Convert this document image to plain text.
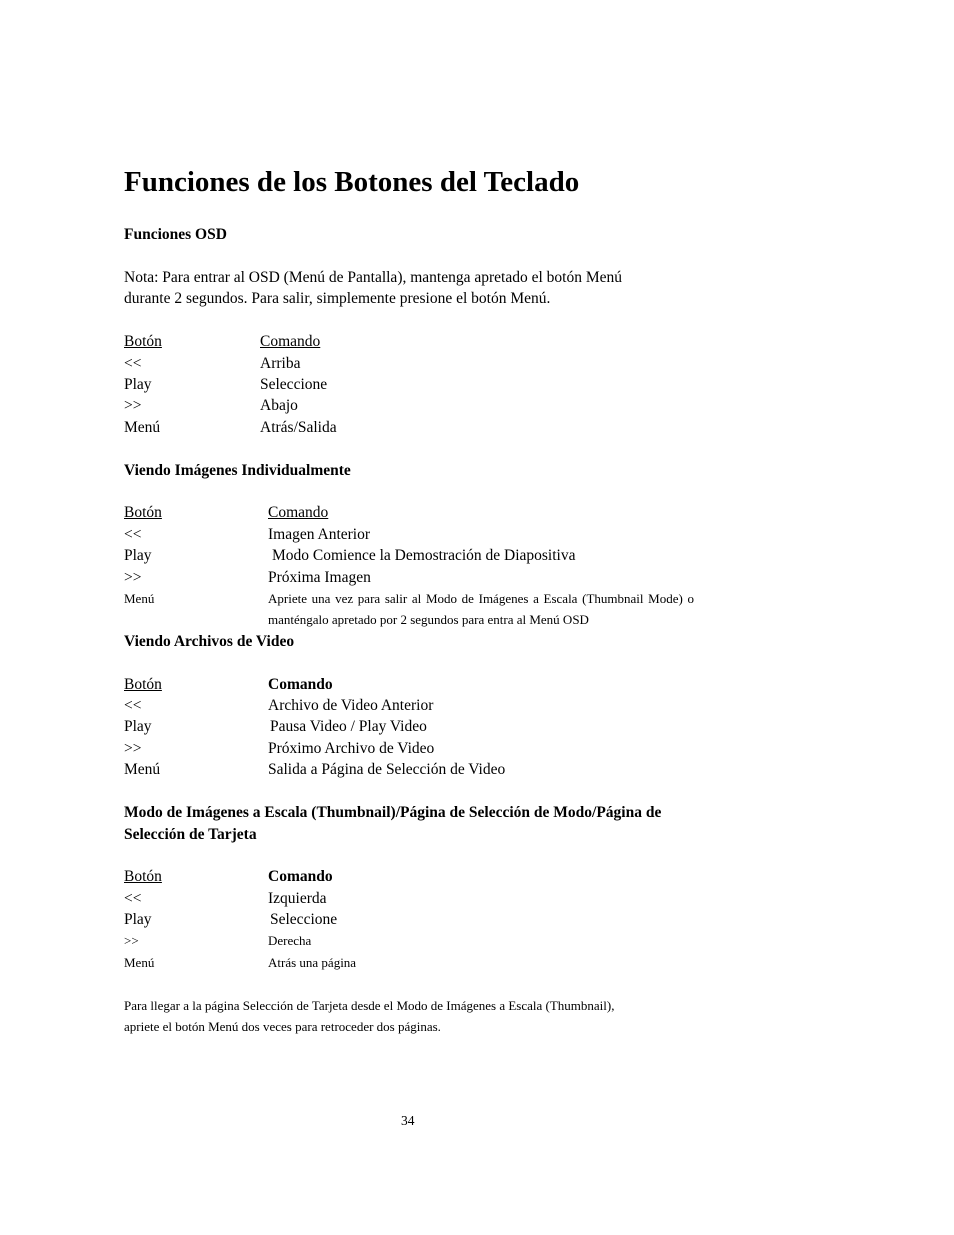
Funciones de los Botones del Teclado

Funciones OSD

Nota: Para entrar al OSD (Menú de Pantalla), mantenga apretado el botón Menú

durante 2 segundos. Para salir, simplemente presione el botón Menú.

Botón	Comando
<<	Arriba
Play	Seleccione
>>	Abajo
Menú	Atrás/Salida

Viendo Imágenes Individualmente

Botón	Comando
<<	Imagen Anterior
Play	Modo Comience la Demostración de Diapositiva
>>	Próxima Imagen
Menú	Apriete una vez para salir al Modo de Imágenes a Escala (Thumbnail Mode) o manténgalo apretado por 2 segundos para entra al Menú OSD

Viendo Archivos de Video

Botón	Comando
<<	Archivo de Video Anterior
Play	Pausa Video / Play Video
>>	Próximo Archivo de Video
Menú	Salida a Página de Selección de Video

Modo de Imágenes a Escala (Thumbnail)/Página de Selección de Modo/Página de Selección de Tarjeta

Botón	Comando
<<	Izquierda
Play	Seleccione
>>	Derecha
Menú	Atrás una página

Para llegar a la página Selección de Tarjeta desde el Modo de Imágenes a Escala (Thumbnail),

apriete el botón Menú dos veces para retroceder dos páginas.

34
